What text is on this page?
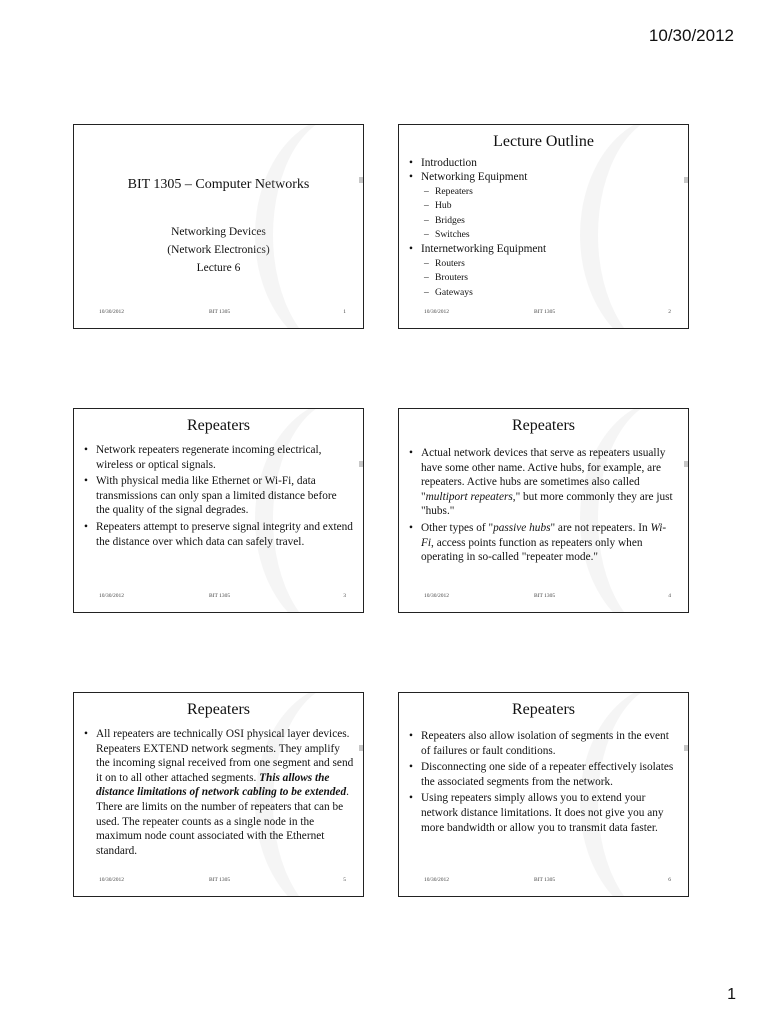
10/30/2012
BIT 1305 – Computer Networks
Networking Devices
(Network Electronics)
Lecture 6
10/30/2012	BIT 1305	1
Lecture Outline
• Introduction
• Networking Equipment
– Repeaters
– Hub
– Bridges
– Switches
• Internetworking Equipment
– Routers
– Brouters
– Gateways
10/30/2012	BIT 1305	2
Repeaters
• Network repeaters regenerate incoming electrical, wireless or optical signals.
• With physical media like Ethernet or Wi-Fi, data transmissions can only span a limited distance before the quality of the signal degrades.
• Repeaters attempt to preserve signal integrity and extend the distance over which data can safely travel.
10/30/2012	BIT 1305	3
Repeaters
• Actual network devices that serve as repeaters usually have some other name. Active hubs, for example, are repeaters. Active hubs are sometimes also called "multiport repeaters," but more commonly they are just "hubs."
• Other types of "passive hubs" are not repeaters. In Wi-Fi, access points function as repeaters only when operating in so-called "repeater mode."
10/30/2012	BIT 1305	4
Repeaters
• All repeaters are technically OSI physical layer devices. Repeaters EXTEND network segments. They amplify the incoming signal received from one segment and send it on to all other attached segments. This allows the distance limitations of network cabling to be extended. There are limits on the number of repeaters that can be used. The repeater counts as a single node in the maximum node count associated with the Ethernet standard.
10/30/2012	BIT 1305	5
Repeaters
• Repeaters also allow isolation of segments in the event of failures or fault conditions.
• Disconnecting one side of a repeater effectively isolates the associated segments from the network.
• Using repeaters simply allows you to extend your network distance limitations. It does not give you any more bandwidth or allow you to transmit data faster.
10/30/2012	BIT 1305	6
1
